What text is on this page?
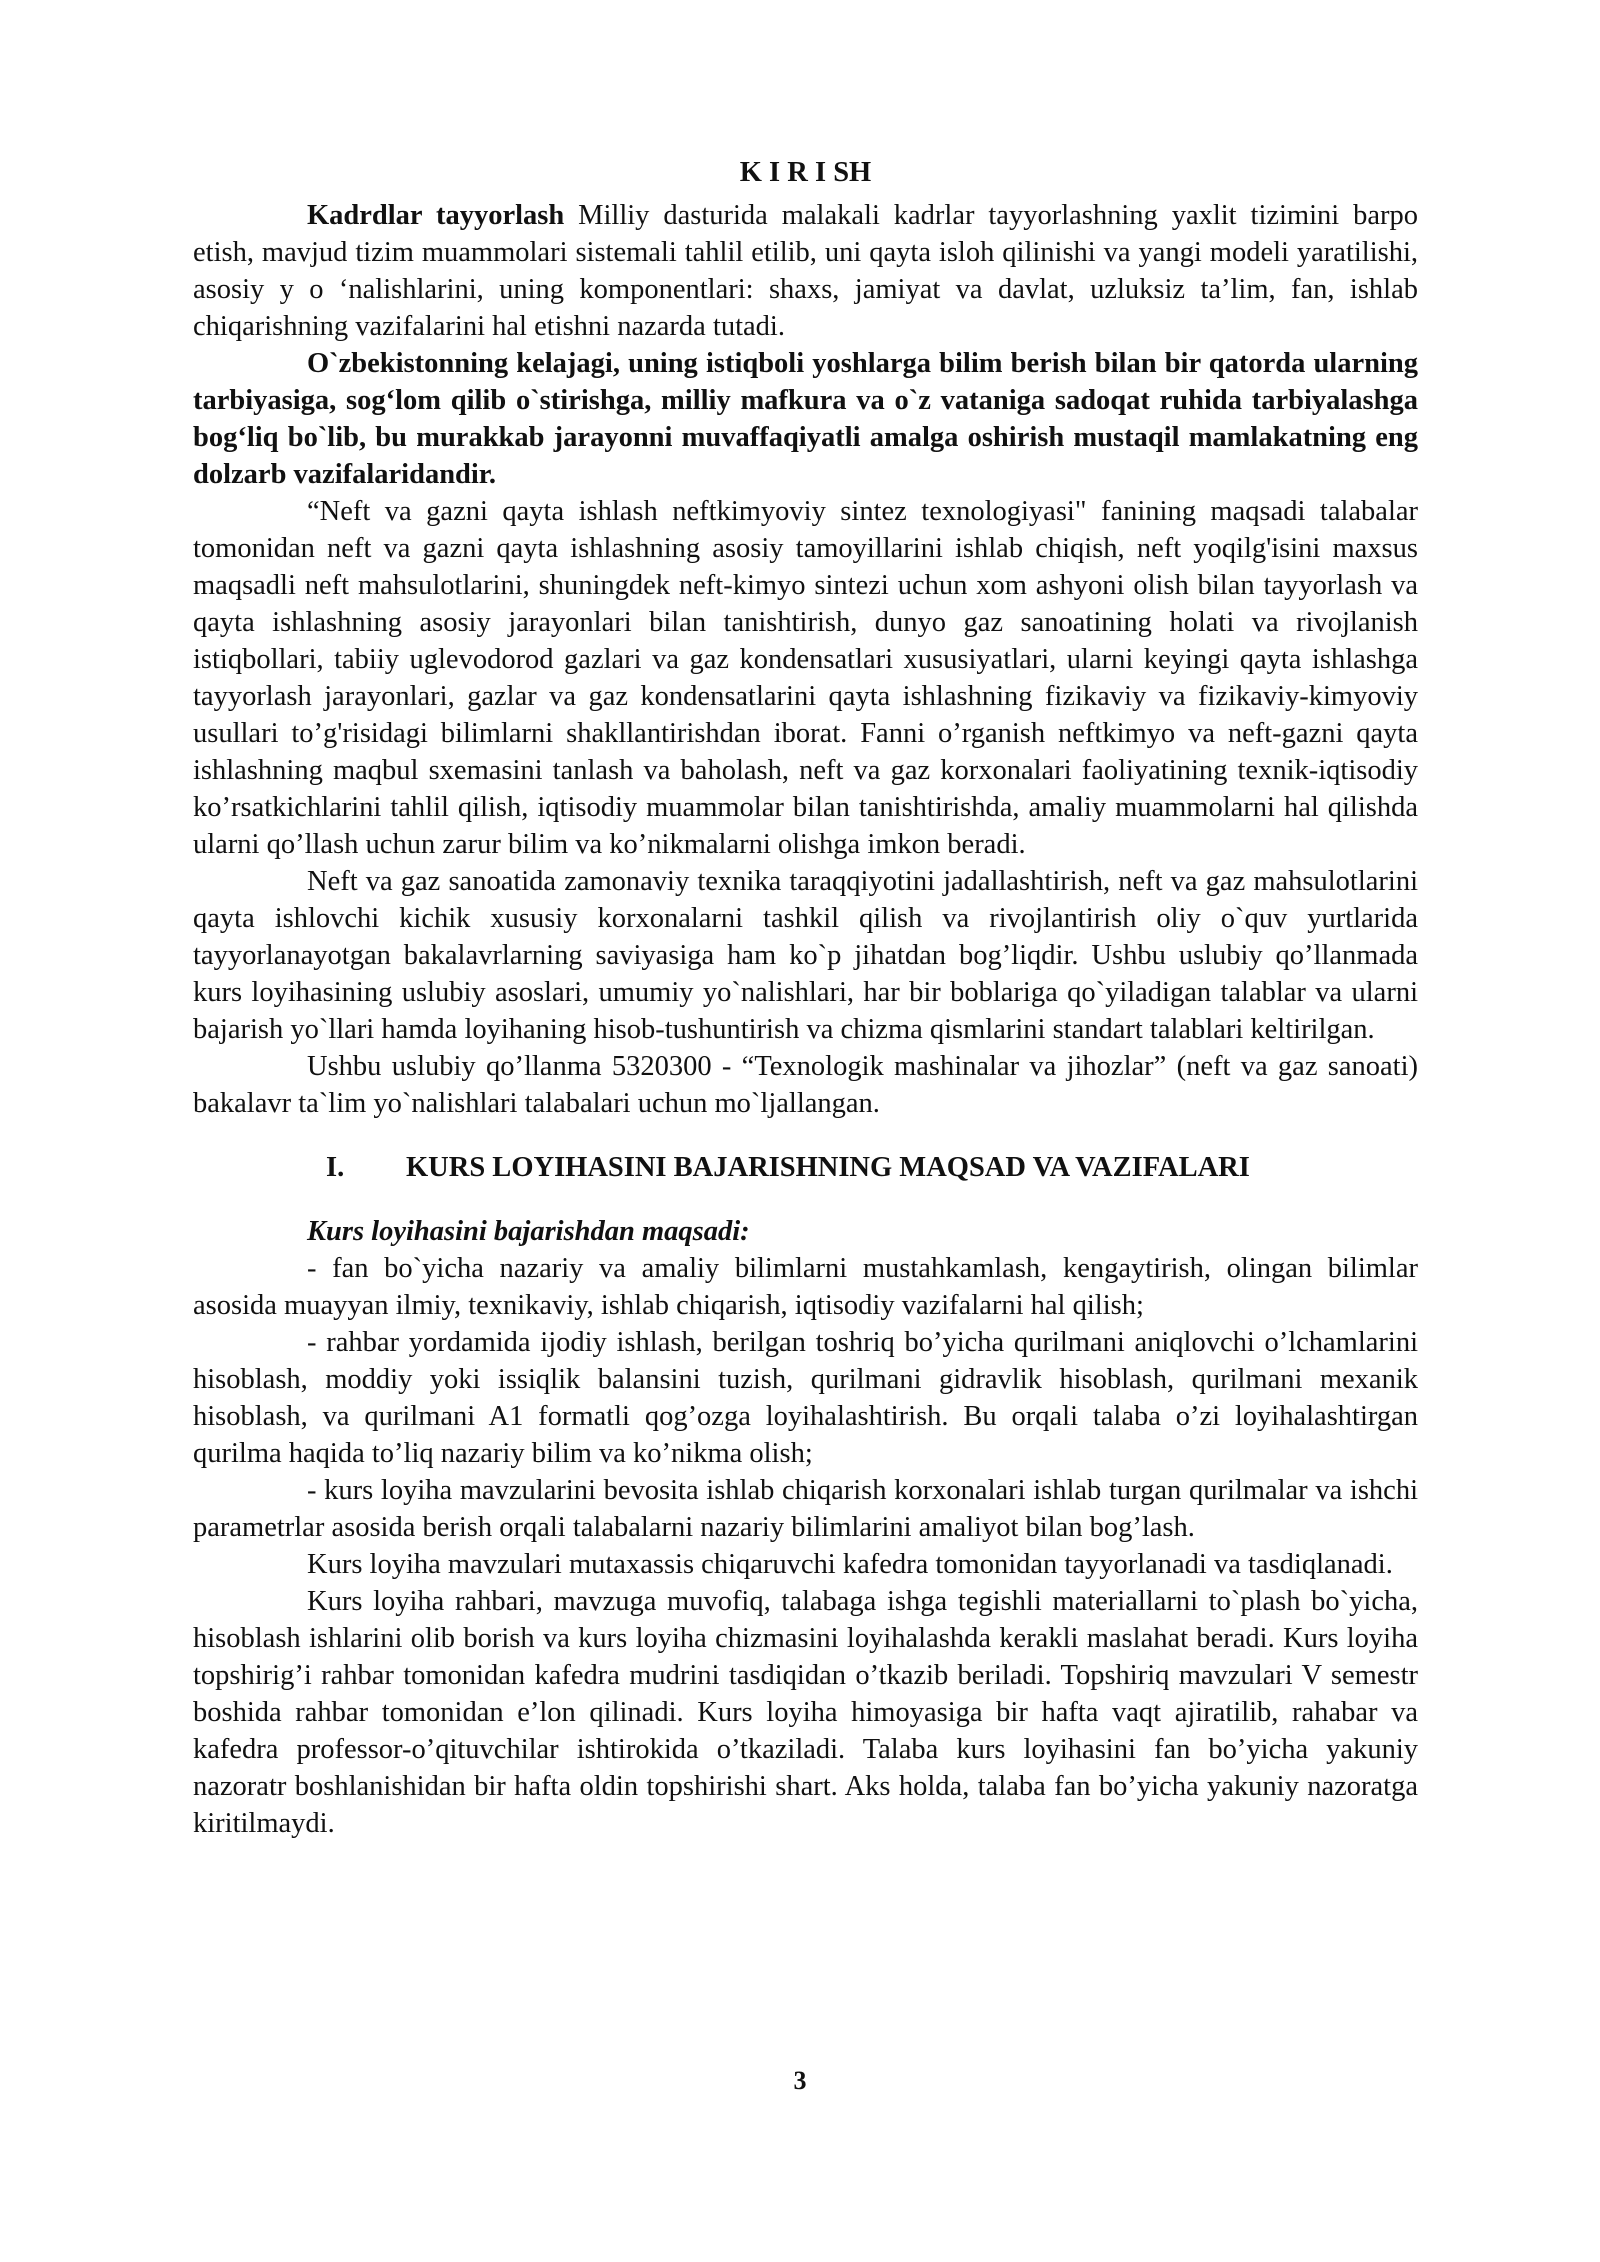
K I R I SH

Kadrdlar tayyorlash Milliy dasturida malakali kadrlar tayyorlashning yaxlit tizimini barpo etish, mavjud tizim muammolari sistemali tahlil etilib, uni qayta isloh qilinishi va yangi modeli yaratilishi, asosiy y o ‘nalishlarini, uning komponentlari: shaxs, jamiyat va davlat, uzluksiz ta’lim, fan, ishlab chiqarishning vazifalarini hal etishni nazarda tutadi.

O`zbekistonning kelajagi, uning istiqboli yoshlarga bilim berish bilan bir qatorda ularning tarbiyasiga, sog‘lom qilib o`stirishga, milliy mafkura va o`z vataniga sadoqat ruhida tarbiyalashga bog‘liq bo`lib, bu murakkab jarayonni muvaffaqiyatli amalga oshirish mustaqil mamlakatning eng dolzarb vazifalaridandir.

“Neft va gazni qayta ishlash neftkimyoviy sintez texnologiyasi" fanining maqsadi talabalar tomonidan neft va gazni qayta ishlashning asosiy tamoyillarini ishlab chiqish, neft yoqilg'isini maxsus maqsadli neft mahsulotlarini, shuningdek neft-kimyo sintezi uchun xom ashyoni olish bilan tayyorlash va qayta ishlashning asosiy jarayonlari bilan tanishtirish, dunyo gaz sanoatining holati va rivojlanish istiqbollari, tabiiy uglevodorod gazlari va gaz kondensatlari xususiyatlari, ularni keyingi qayta ishlashga tayyorlash jarayonlari, gazlar va gaz kondensatlarini qayta ishlashning fizikaviy va fizikaviy-kimyoviy usullari to’g'risidagi bilimlarni shakllantirishdan iborat. Fanni o’rganish neftkimyo va neft-gazni qayta ishlashning maqbul sxemasini tanlash va baholash, neft va gaz korxonalari faoliyatining texnik-iqtisodiy ko’rsatkichlarini tahlil qilish, iqtisodiy muammolar bilan tanishtirishda, amaliy muammolarni hal qilishda ularni qo’llash uchun zarur bilim va ko’nikmalarni olishga imkon beradi.

Neft va gaz sanoatida zamonaviy texnika taraqqiyotini jadallashtirish, neft va gaz mahsulotlarini qayta ishlovchi kichik xususiy korxonalarni tashkil qilish va rivojlantirish oliy o`quv yurtlarida tayyorlanayotgan bakalavrlarning saviyasiga ham ko`p jihatdan bog’liqdir. Ushbu uslubiy qo’llanmada kurs loyihasining uslubiy asoslari, umumiy yo`nalishlari, har bir boblariga qo`yiladigan talablar va ularni bajarish yo`llari hamda loyihaning hisob-tushuntirish va chizma qismlarini standart talablari keltirilgan.

Ushbu uslubiy qo’llanma 5320300 - “Texnologik mashinalar va jihozlar” (neft va gaz sanoati) bakalavr ta`lim yo`nalishlari talabalari uchun mo`ljallangan.

I.	KURS LOYIHASINI BAJARISHNING MAQSAD VA VAZIFALARI
Kurs loyihasini bajarishdan maqsadi:

- fan bo`yicha nazariy va amaliy bilimlarni mustahkamlash, kengaytirish, olingan bilimlar asosida muayyan ilmiy, texnikaviy, ishlab chiqarish, iqtisodiy vazifalarni hal qilish;

- rahbar yordamida ijodiy ishlash, berilgan toshriq bo’yicha qurilmani aniqlovchi o’lchamlarini hisoblash, moddiy yoki issiqlik balansini tuzish, qurilmani gidravlik hisoblash, qurilmani mexanik hisoblash, va qurilmani A1 formatli qog’ozga loyihalashtirish. Bu orqali talaba o’zi loyihalashtirgan qurilma haqida to’liq nazariy bilim va ko’nikma olish;

- kurs loyiha mavzularini bevosita ishlab chiqarish korxonalari ishlab turgan qurilmalar va ishchi parametrlar asosida berish orqali talabalarni nazariy bilimlarini amaliyot bilan bog’lash.

Kurs loyiha mavzulari mutaxassis chiqaruvchi kafedra tomonidan tayyorlanadi va tasdiqlanadi.

Kurs loyiha rahbari, mavzuga muvofiq, talabaga ishga tegishli materiallarni to`plash bo`yicha, hisoblash ishlarini olib borish va kurs loyiha chizmasini loyihalashda kerakli maslahat beradi. Kurs loyiha topshirig’i rahbar tomonidan kafedra mudrini tasdiqidan o’tkazib beriladi. Topshiriq mavzulari V semestr boshida rahbar tomonidan e’lon qilinadi. Kurs loyiha himoyasiga bir hafta vaqt ajiratilib, rahabar va kafedra professor-o’qituvchilar ishtirokida o’tkaziladi. Talaba kurs loyihasini fan bo’yicha yakuniy nazoratr boshlanishidan bir hafta oldin topshirishi shart. Aks holda, talaba fan bo’yicha yakuniy nazoratga kiritilmaydi.

3
